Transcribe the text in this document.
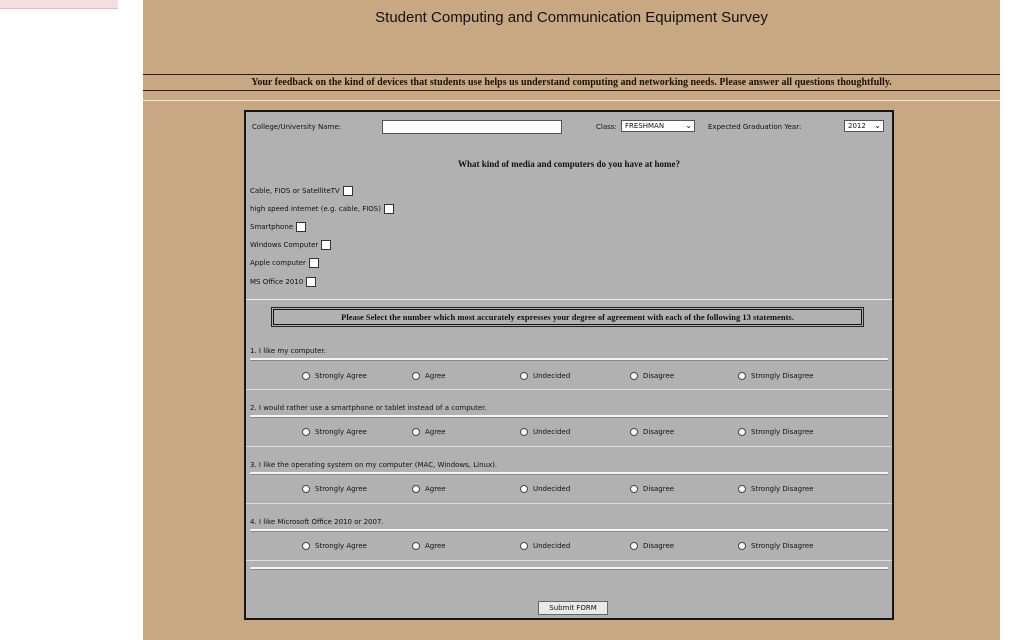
Student Computing and Communication Equipment Survey
Your feedback on the kind of devices that students use helps us understand computing and networking needs. Please answer all questions thoughtfully.
College/University Name:	Class:	FRESHMAN	⌄ Expected Graduation Year:	2012 ⌄
What kind of media and computers do you have at home?
Cable, FIOS or SatelliteTV
high speed internet (e.g. cable, FIOS)
Smartphone
Windows Computer
Apple computer
MS Office 2010
Please Select the number which most accurately expresses your degree of agreement with each of the following 13 statements.
1. I like my computer.
Strongly Agree	Agree	Undecided	Disagree	Strongly Disagree
2. I would rather use a smartphone or tablet instead of a computer.
Strongly Agree	Agree	Undecided	Disagree	Strongly Disagree
3. I like the operating system on my computer (MAC, Windows, Linux).
Strongly Agree	Agree	Undecided	Disagree	Strongly Disagree
4. I like Microsoft Office 2010 or 2007.
Strongly Agree	Agree	Undecided	Disagree	Strongly Disagree
Submit FORM
